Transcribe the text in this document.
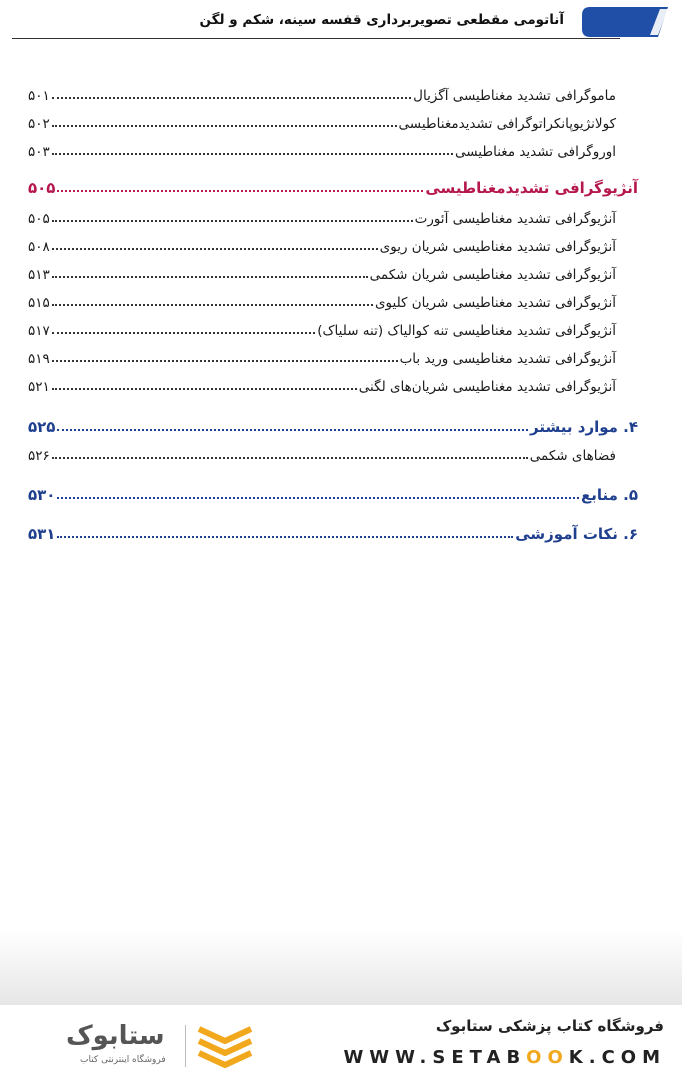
آناتومی مقطعی تصویربرداری قفسه سینه، شکم و لگن
ماموگرافی تشدید مغناطیسی آگزیال
۵۰۱
کولانژیوپانکراتوگرافی تشدیدمغناطیسی
۵۰۲
اوروگرافی تشدید مغناطیسی
۵۰۳
آنژیوگرافی تشدیدمغناطیسی
۵۰۵
آنژیوگرافی تشدید مغناطیسی آئورت
۵۰۵
آنژیوگرافی تشدید مغناطیسی شریان ریوی
۵۰۸
آنژیوگرافی تشدید مغناطیسی شریان شکمی
۵۱۳
آنژیوگرافی تشدید مغناطیسی شریان کلیوی
۵۱۵
آنژیوگرافی تشدید مغناطیسی تنه کوالیاک (تنه سلیاک)
۵۱۷
آنژیوگرافی تشدید مغناطیسی ورید باب
۵۱۹
آنژیوگرافی تشدید مغناطیسی شریان‌های لگنی
۵۲۱
۴. موارد بیشتر
۵۲۵
فضاهای شکمی
۵۲۶
۵. منابع
۵۳۰
۶. نکات آموزشی
۵۳۱
فروشگاه کتاب پزشکی ستابوک
WWW.SETABOOK.COM
ستابوک
فروشگاه اینترنتی کتاب
